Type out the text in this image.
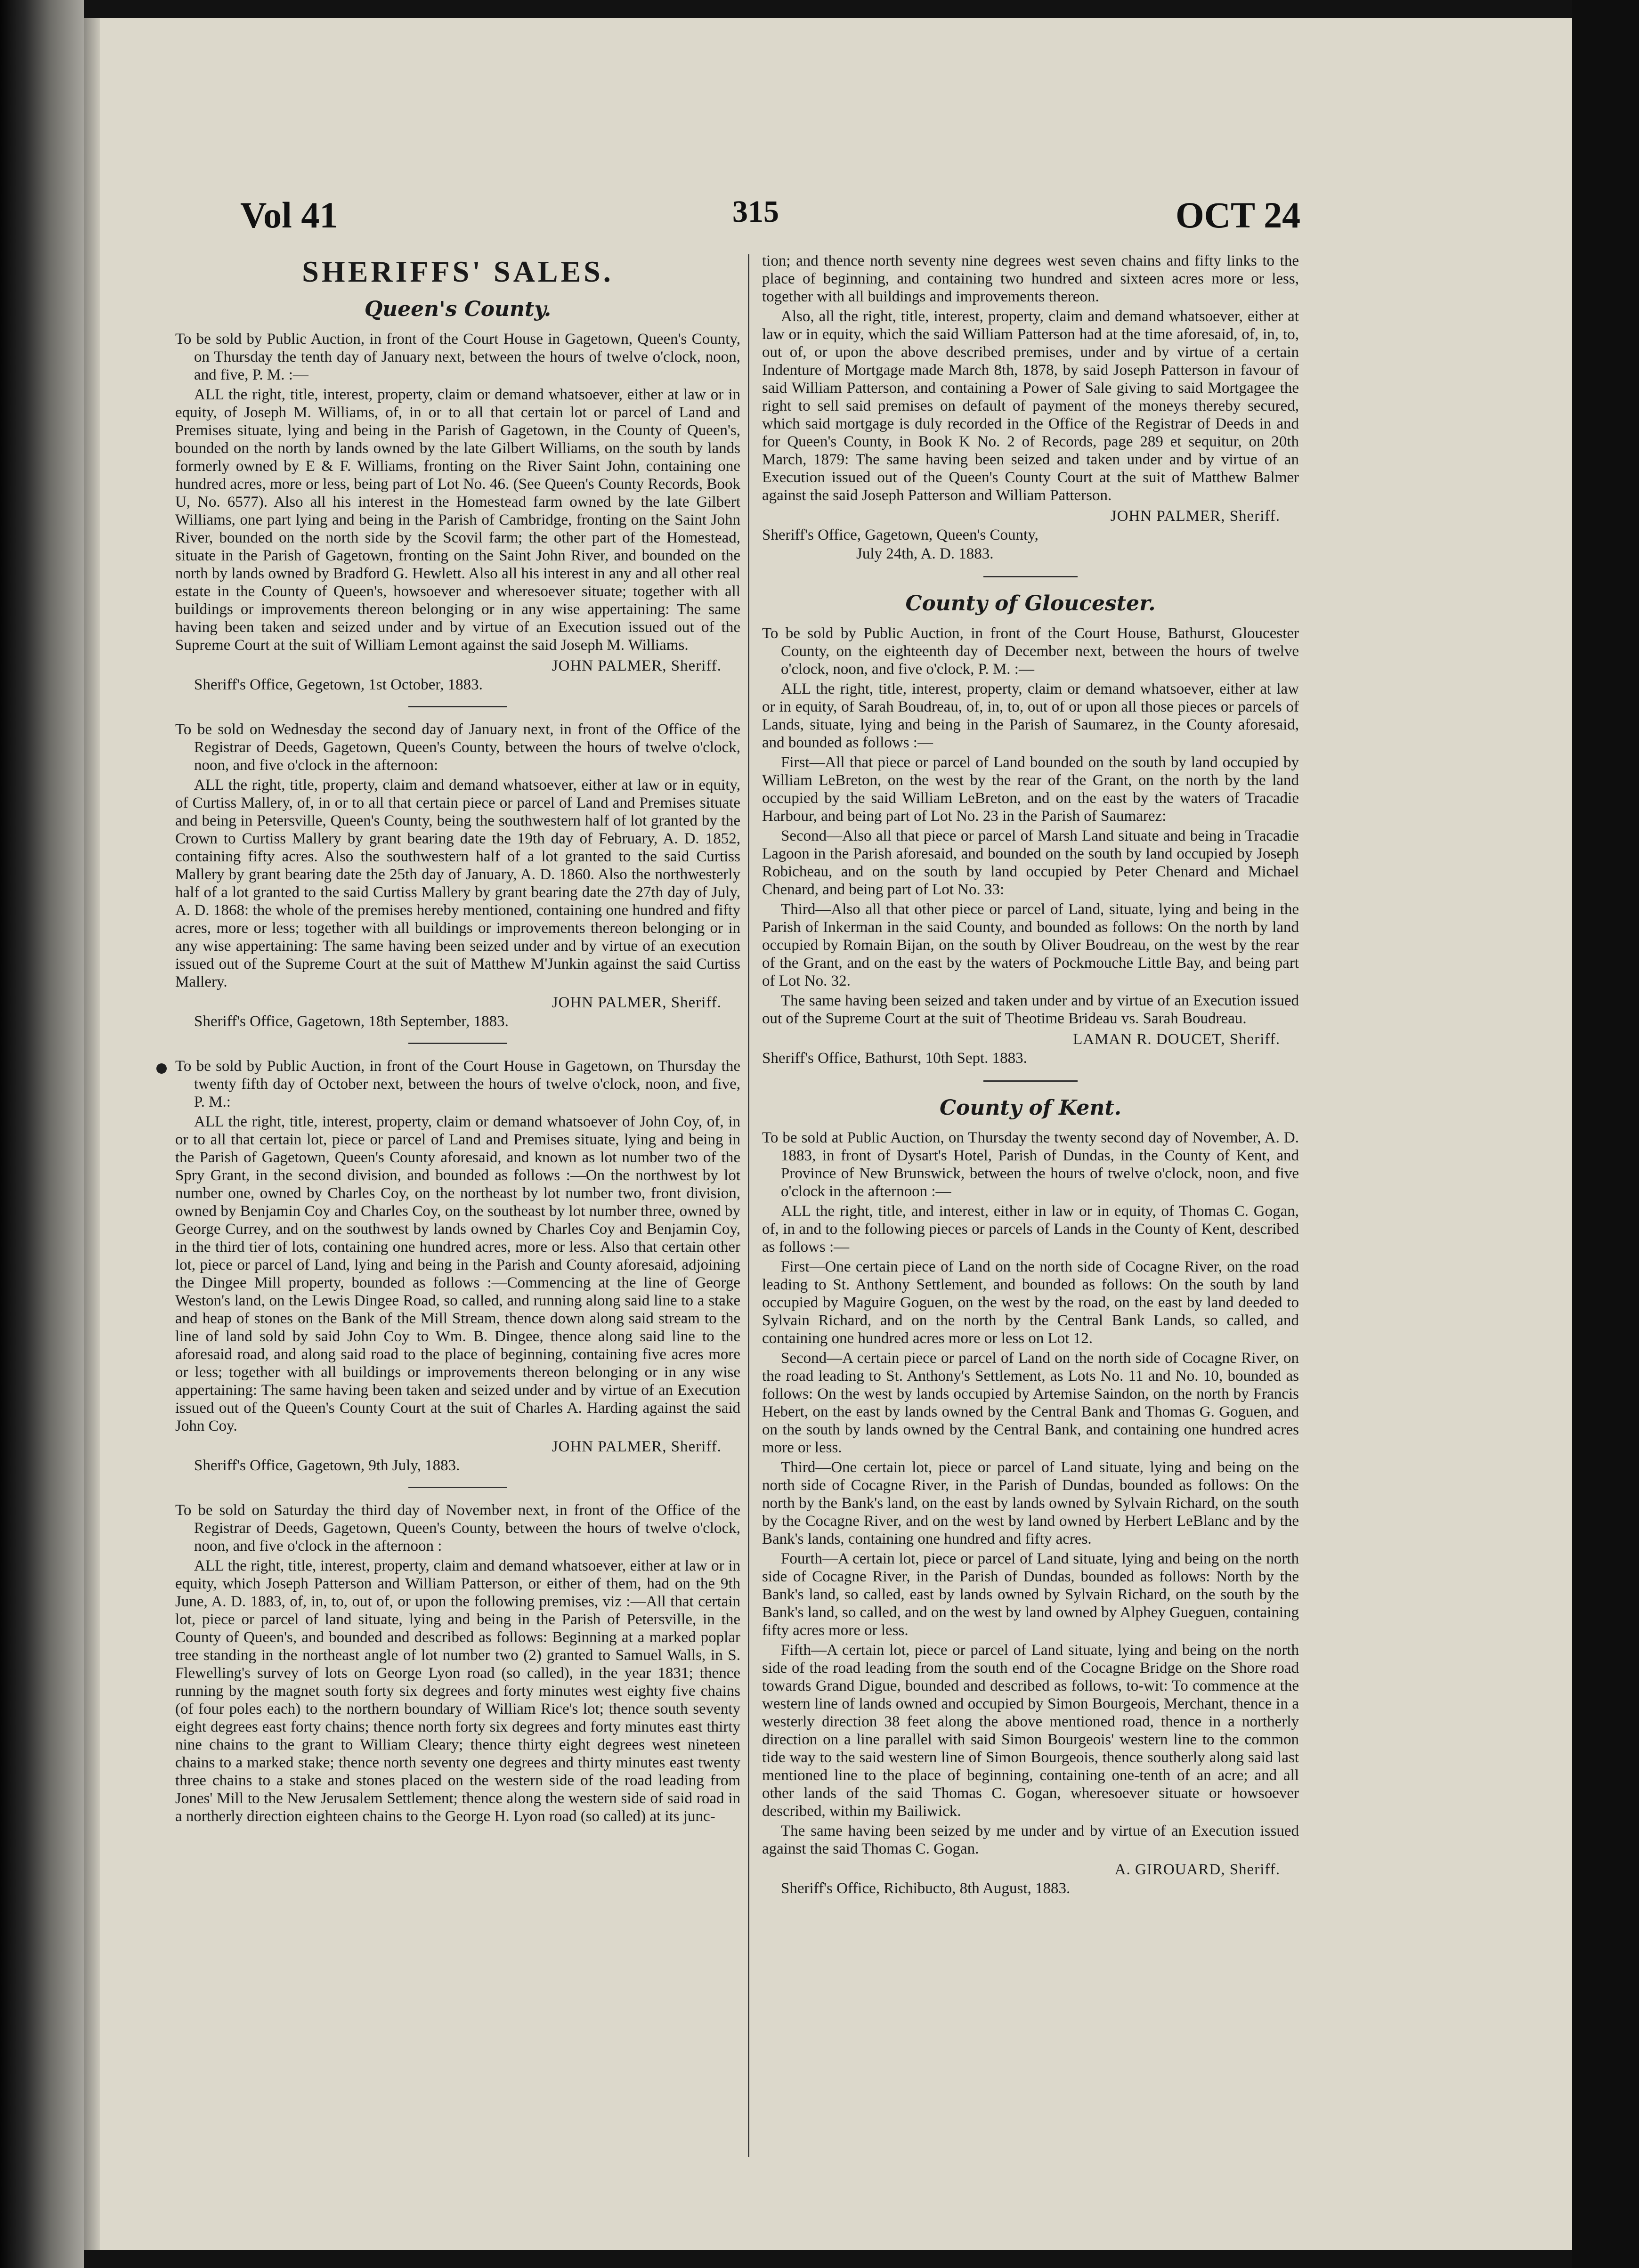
Vol 41	315	OCT 24
SHERIFFS' SALES.
Queen's County.

To be sold by Public Auction, in front of the Court House in Gagetown, Queen's County, on Thursday the tenth day of January next, between the hours of twelve o'clock, noon, and five, P. M. :—

ALL the right, title, interest, property, claim or demand whatsoever, either at law or in equity, of Joseph M. Williams, of, in or to all that certain lot or parcel of Land and Premises situate, lying and being in the Parish of Gagetown, in the County of Queen's, bounded on the north by lands owned by the late Gilbert Williams, on the south by lands formerly owned by E & F. Williams, fronting on the River Saint John, containing one hundred acres, more or less, being part of Lot No. 46. (See Queen's County Records, Book U, No. 6577). Also all his interest in the Homestead farm owned by the late Gilbert Williams, one part lying and being in the Parish of Cambridge, fronting on the Saint John River, bounded on the north side by the Scovil farm; the other part of the Homestead, situate in the Parish of Gagetown, fronting on the Saint John River, and bounded on the north by lands owned by Bradford G. Hewlett. Also all his interest in any and all other real estate in the County of Queen's, howsoever and wheresoever situate; together with all buildings or improvements thereon belonging or in any wise appertaining: The same having been taken and seized under and by virtue of an Execution issued out of the Supreme Court at the suit of William Lemont against the said Joseph M. Williams.

JOHN PALMER, Sheriff.
Sheriff's Office, Gegetown, 1st October, 1883.

To be sold on Wednesday the second day of January next, in front of the Office of the Registrar of Deeds, Gagetown, Queen's County, between the hours of twelve o'clock, noon, and five o'clock in the afternoon:

ALL the right, title, property, claim and demand whatsoever, either at law or in equity, of Curtiss Mallery, of, in or to all that certain piece or parcel of Land and Premises situate and being in Petersville, Queen's County, being the southwestern half of lot granted by the Crown to Curtiss Mallery by grant bearing date the 19th day of February, A. D. 1852, containing fifty acres. Also the southwestern half of a lot granted to the said Curtiss Mallery by grant bearing date the 25th day of January, A. D. 1860. Also the northwesterly half of a lot granted to the said Curtiss Mallery by grant bearing date the 27th day of July, A. D. 1868: the whole of the premises hereby mentioned, containing one hundred and fifty acres, more or less; together with all buildings or improvements thereon belonging or in any wise appertaining: The same having been seized under and by virtue of an execution issued out of the Supreme Court at the suit of Matthew M'Junkin against the said Curtiss Mallery.

JOHN PALMER, Sheriff.
Sheriff's Office, Gagetown, 18th September, 1883.

To be sold by Public Auction, in front of the Court House in Gagetown, on Thursday the twenty fifth day of October next, between the hours of twelve o'clock, noon, and five, P. M.:

ALL the right, title, interest, property, claim or demand whatsoever of John Coy, of, in or to all that certain lot, piece or parcel of Land and Premises situate, lying and being in the Parish of Gagetown, Queen's County aforesaid, and known as lot number two of the Spry Grant, in the second division, and bounded as follows :—On the northwest by lot number one, owned by Charles Coy, on the northeast by lot number two, front division, owned by Benjamin Coy and Charles Coy, on the southeast by lot number three, owned by George Currey, and on the southwest by lands owned by Charles Coy and Benjamin Coy, in the third tier of lots, containing one hundred acres, more or less. Also that certain other lot, piece or parcel of Land, lying and being in the Parish and County aforesaid, adjoining the Dingee Mill property, bounded as follows :—Commencing at the line of George Weston's land, on the Lewis Dingee Road, so called, and running along said line to a stake and heap of stones on the Bank of the Mill Stream, thence down along said stream to the line of land sold by said John Coy to Wm. B. Dingee, thence along said line to the aforesaid road, and along said road to the place of beginning, containing five acres more or less; together with all buildings or improvements thereon belonging or in any wise appertaining: The same having been taken and seized under and by virtue of an Execution issued out of the Queen's County Court at the suit of Charles A. Harding against the said John Coy.

JOHN PALMER, Sheriff.
Sheriff's Office, Gagetown, 9th July, 1883.

To be sold on Saturday the third day of November next, in front of the Office of the Registrar of Deeds, Gagetown, Queen's County, between the hours of twelve o'clock, noon, and five o'clock in the afternoon :

ALL the right, title, interest, property, claim and demand whatsoever, either at law or in equity, which Joseph Patterson and William Patterson, or either of them, had on the 9th June, A. D. 1883, of, in, to, out of, or upon the following premises, viz :—All that certain lot, piece or parcel of land situate, lying and being in the Parish of Petersville, in the County of Queen's, and bounded and described as follows: Beginning at a marked poplar tree standing in the northeast angle of lot number two (2) granted to Samuel Walls, in S. Flewelling's survey of lots on George Lyon road (so called), in the year 1831; thence running by the magnet south forty six degrees and forty minutes west eighty five chains (of four poles each) to the northern boundary of William Rice's lot; thence south seventy eight degrees east forty chains; thence north forty six degrees and forty minutes east thirty nine chains to the grant to William Cleary; thence thirty eight degrees west nineteen chains to a marked stake; thence north seventy one degrees and thirty minutes east twenty three chains to a stake and stones placed on the western side of the road leading from Jones' Mill to the New Jerusalem Settlement; thence along the western side of said road in a northerly direction eighteen chains to the George H. Lyon road (so called) at its junc-

tion; and thence north seventy nine degrees west seven chains and fifty links to the place of beginning, and containing two hundred and sixteen acres more or less, together with all buildings and improvements thereon.

Also, all the right, title, interest, property, claim and demand whatsoever, either at law or in equity, which the said William Patterson had at the time aforesaid, of, in, to, out of, or upon the above described premises, under and by virtue of a certain Indenture of Mortgage made March 8th, 1878, by said Joseph Patterson in favour of said William Patterson, and containing a Power of Sale giving to said Mortgagee the right to sell said premises on default of payment of the moneys thereby secured, which said mortgage is duly recorded in the Office of the Registrar of Deeds in and for Queen's County, in Book K No. 2 of Records, page 289 et sequitur, on 20th March, 1879: The same having been seized and taken under and by virtue of an Execution issued out of the Queen's County Court at the suit of Matthew Balmer against the said Joseph Patterson and William Patterson.

JOHN PALMER, Sheriff.
Sheriff's Office, Gagetown, Queen's County,
July 24th, A. D. 1883.
County of Gloucester.

To be sold by Public Auction, in front of the Court House, Bathurst, Gloucester County, on the eighteenth day of December next, between the hours of twelve o'clock, noon, and five o'clock, P. M. :—

ALL the right, title, interest, property, claim or demand whatsoever, either at law or in equity, of Sarah Boudreau, of, in, to, out of or upon all those pieces or parcels of Lands, situate, lying and being in the Parish of Saumarez, in the County aforesaid, and bounded as follows :—

First—All that piece or parcel of Land bounded on the south by land occupied by William LeBreton, on the west by the rear of the Grant, on the north by the land occupied by the said William LeBreton, and on the east by the waters of Tracadie Harbour, and being part of Lot No. 23 in the Parish of Saumarez:

Second—Also all that piece or parcel of Marsh Land situate and being in Tracadie Lagoon in the Parish aforesaid, and bounded on the south by land occupied by Joseph Robicheau, and on the south by land occupied by Peter Chenard and Michael Chenard, and being part of Lot No. 33:

Third—Also all that other piece or parcel of Land, situate, lying and being in the Parish of Inkerman in the said County, and bounded as follows: On the north by land occupied by Romain Bijan, on the south by Oliver Boudreau, on the west by the rear of the Grant, and on the east by the waters of Pockmouche Little Bay, and being part of Lot No. 32.

The same having been seized and taken under and by virtue of an Execution issued out of the Supreme Court at the suit of Theotime Brideau vs. Sarah Boudreau.

LAMAN R. DOUCET, Sheriff.
Sheriff's Office, Bathurst, 10th Sept. 1883.
County of Kent.

To be sold at Public Auction, on Thursday the twenty second day of November, A. D. 1883, in front of Dysart's Hotel, Parish of Dundas, in the County of Kent, and Province of New Brunswick, between the hours of twelve o'clock, noon, and five o'clock in the afternoon :—

ALL the right, title, and interest, either in law or in equity, of Thomas C. Gogan, of, in and to the following pieces or parcels of Lands in the County of Kent, described as follows :—

First—One certain piece of Land on the north side of Cocagne River, on the road leading to St. Anthony Settlement, and bounded as follows: On the south by land occupied by Maguire Goguen, on the west by the road, on the east by land deeded to Sylvain Richard, and on the north by the Central Bank Lands, so called, and containing one hundred acres more or less on Lot 12.

Second—A certain piece or parcel of Land on the north side of Cocagne River, on the road leading to St. Anthony's Settlement, as Lots No. 11 and No. 10, bounded as follows: On the west by lands occupied by Artemise Saindon, on the north by Francis Hebert, on the east by lands owned by the Central Bank and Thomas G. Goguen, and on the south by lands owned by the Central Bank, and containing one hundred acres more or less.

Third—One certain lot, piece or parcel of Land situate, lying and being on the north side of Cocagne River, in the Parish of Dundas, bounded as follows: On the north by the Bank's land, on the east by lands owned by Sylvain Richard, on the south by the Cocagne River, and on the west by land owned by Herbert LeBlanc and by the Bank's lands, containing one hundred and fifty acres.

Fourth—A certain lot, piece or parcel of Land situate, lying and being on the north side of Cocagne River, in the Parish of Dundas, bounded as follows: North by the Bank's land, so called, east by lands owned by Sylvain Richard, on the south by the Bank's land, so called, and on the west by land owned by Alphey Gueguen, containing fifty acres more or less.

Fifth—A certain lot, piece or parcel of Land situate, lying and being on the north side of the road leading from the south end of the Cocagne Bridge on the Shore road towards Grand Digue, bounded and described as follows, to-wit: To commence at the western line of lands owned and occupied by Simon Bourgeois, Merchant, thence in a westerly direction 38 feet along the above mentioned road, thence in a northerly direction on a line parallel with said Simon Bourgeois' western line to the common tide way to the said western line of Simon Bourgeois, thence southerly along said last mentioned line to the place of beginning, containing one-tenth of an acre; and all other lands of the said Thomas C. Gogan, wheresoever situate or howsoever described, within my Bailiwick.

The same having been seized by me under and by virtue of an Execution issued against the said Thomas C. Gogan.

A. GIROUARD, Sheriff.
Sheriff's Office, Richibucto, 8th August, 1883.
